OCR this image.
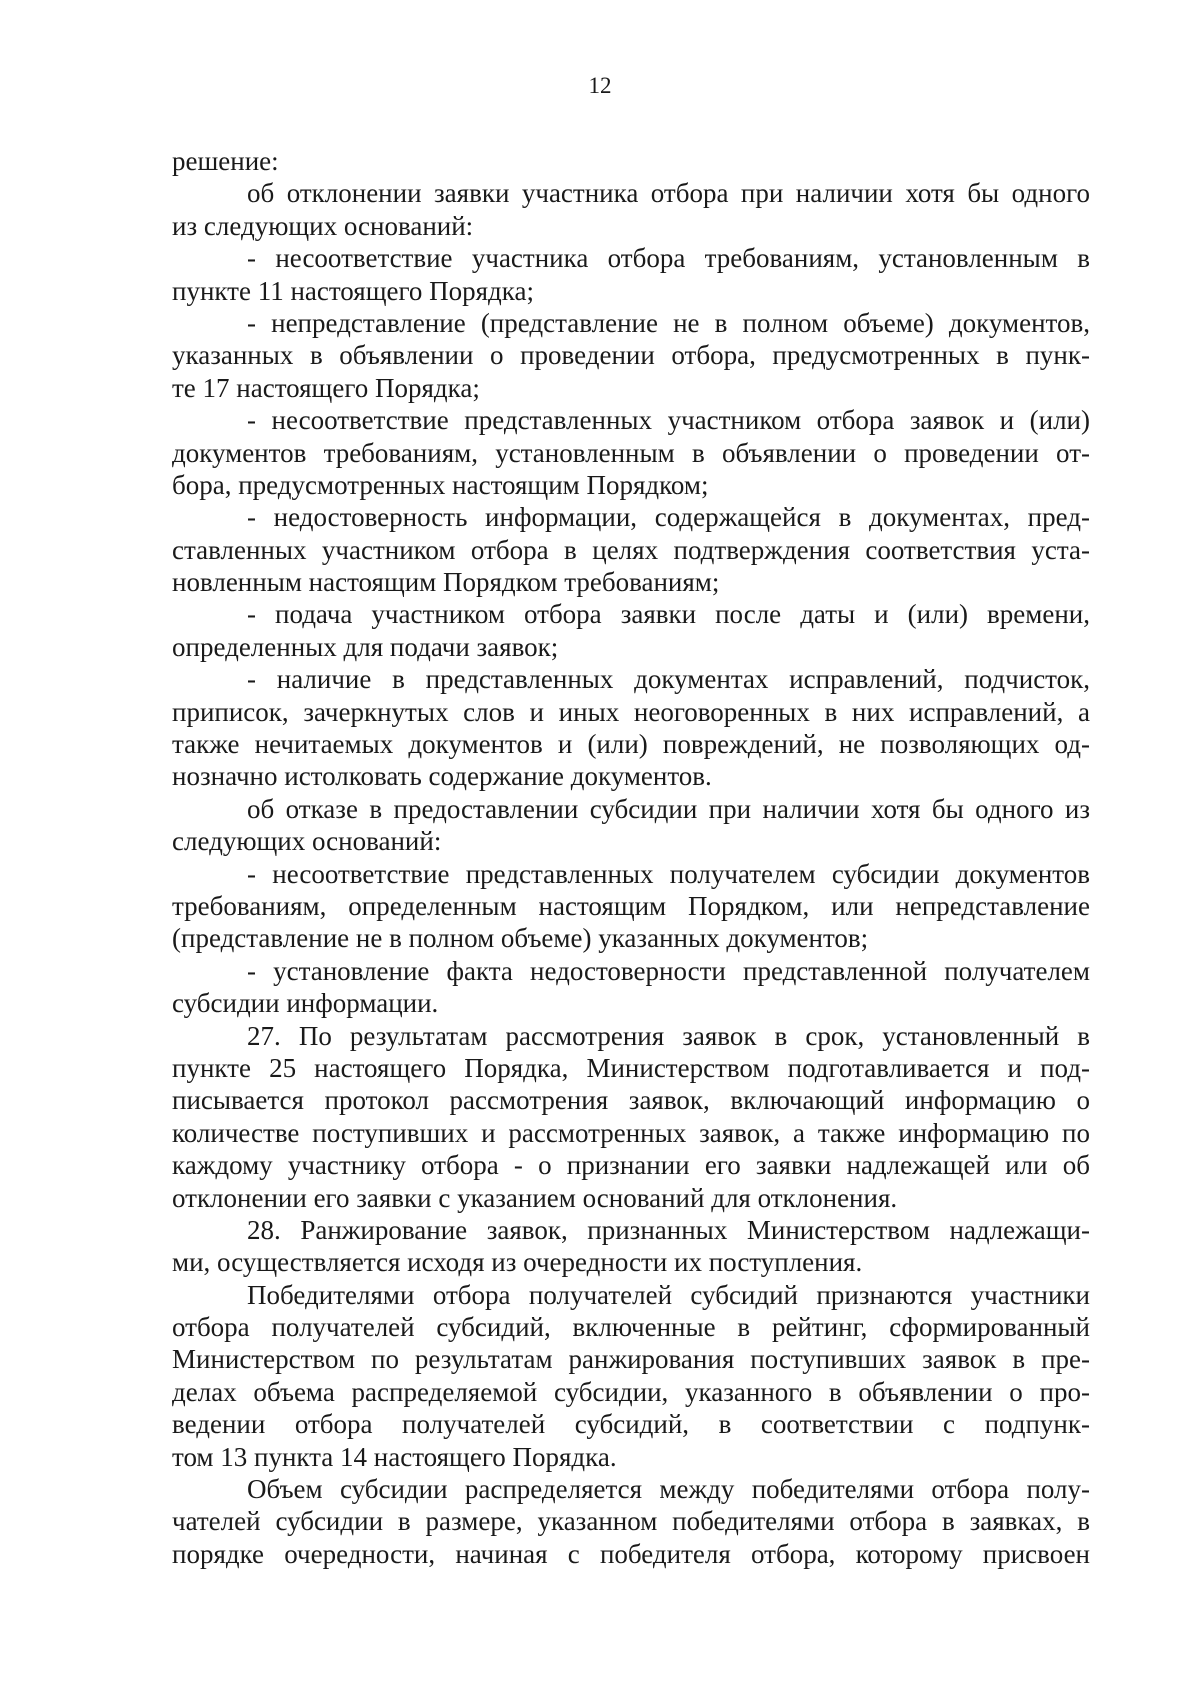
12
решение:
об отклонении заявки участника отбора при наличии хотя бы одного
из следующих оснований:
- несоответствие участника отбора требованиям, установленным в
пункте 11 настоящего Порядка;
- непредставление (представление не в полном объеме) документов,
указанных в объявлении о проведении отбора, предусмотренных в пунк-
те 17 настоящего Порядка;
- несоответствие представленных участником отбора заявок и (или)
документов требованиям, установленным в объявлении о проведении от-
бора, предусмотренных настоящим Порядком;
- недостоверность информации, содержащейся в документах, пред-
ставленных участником отбора в целях подтверждения соответствия уста-
новленным настоящим Порядком требованиям;
- подача участником отбора заявки после даты и (или) времени,
определенных для подачи заявок;
- наличие в представленных документах исправлений, подчисток,
приписок, зачеркнутых слов и иных неоговоренных в них исправлений, а
также нечитаемых документов и (или) повреждений, не позволяющих од-
нозначно истолковать содержание документов.
об отказе в предоставлении субсидии при наличии хотя бы одного из
следующих оснований:
- несоответствие представленных получателем субсидии документов
требованиям, определенным настоящим Порядком, или непредставление
(представление не в полном объеме) указанных документов;
- установление факта недостоверности представленной получателем
субсидии информации.
27. По результатам рассмотрения заявок в срок, установленный в
пункте 25 настоящего Порядка, Министерством подготавливается и под-
писывается протокол рассмотрения заявок, включающий информацию о
количестве поступивших и рассмотренных заявок, а также информацию по
каждому участнику отбора - о признании его заявки надлежащей или об
отклонении его заявки с указанием оснований для отклонения.
28. Ранжирование заявок, признанных Министерством надлежащи-
ми, осуществляется исходя из очередности их поступления.
Победителями отбора получателей субсидий признаются участники
отбора получателей субсидий, включенные в рейтинг, сформированный
Министерством по результатам ранжирования поступивших заявок в пре-
делах объема распределяемой субсидии, указанного в объявлении о про-
ведении отбора получателей субсидий, в соответствии с подпунк-
том 13 пункта 14 настоящего Порядка.
Объем субсидии распределяется между победителями отбора полу-
чателей субсидии в размере, указанном победителями отбора в заявках, в
порядке очередности, начиная с победителя отбора, которому присвоен
